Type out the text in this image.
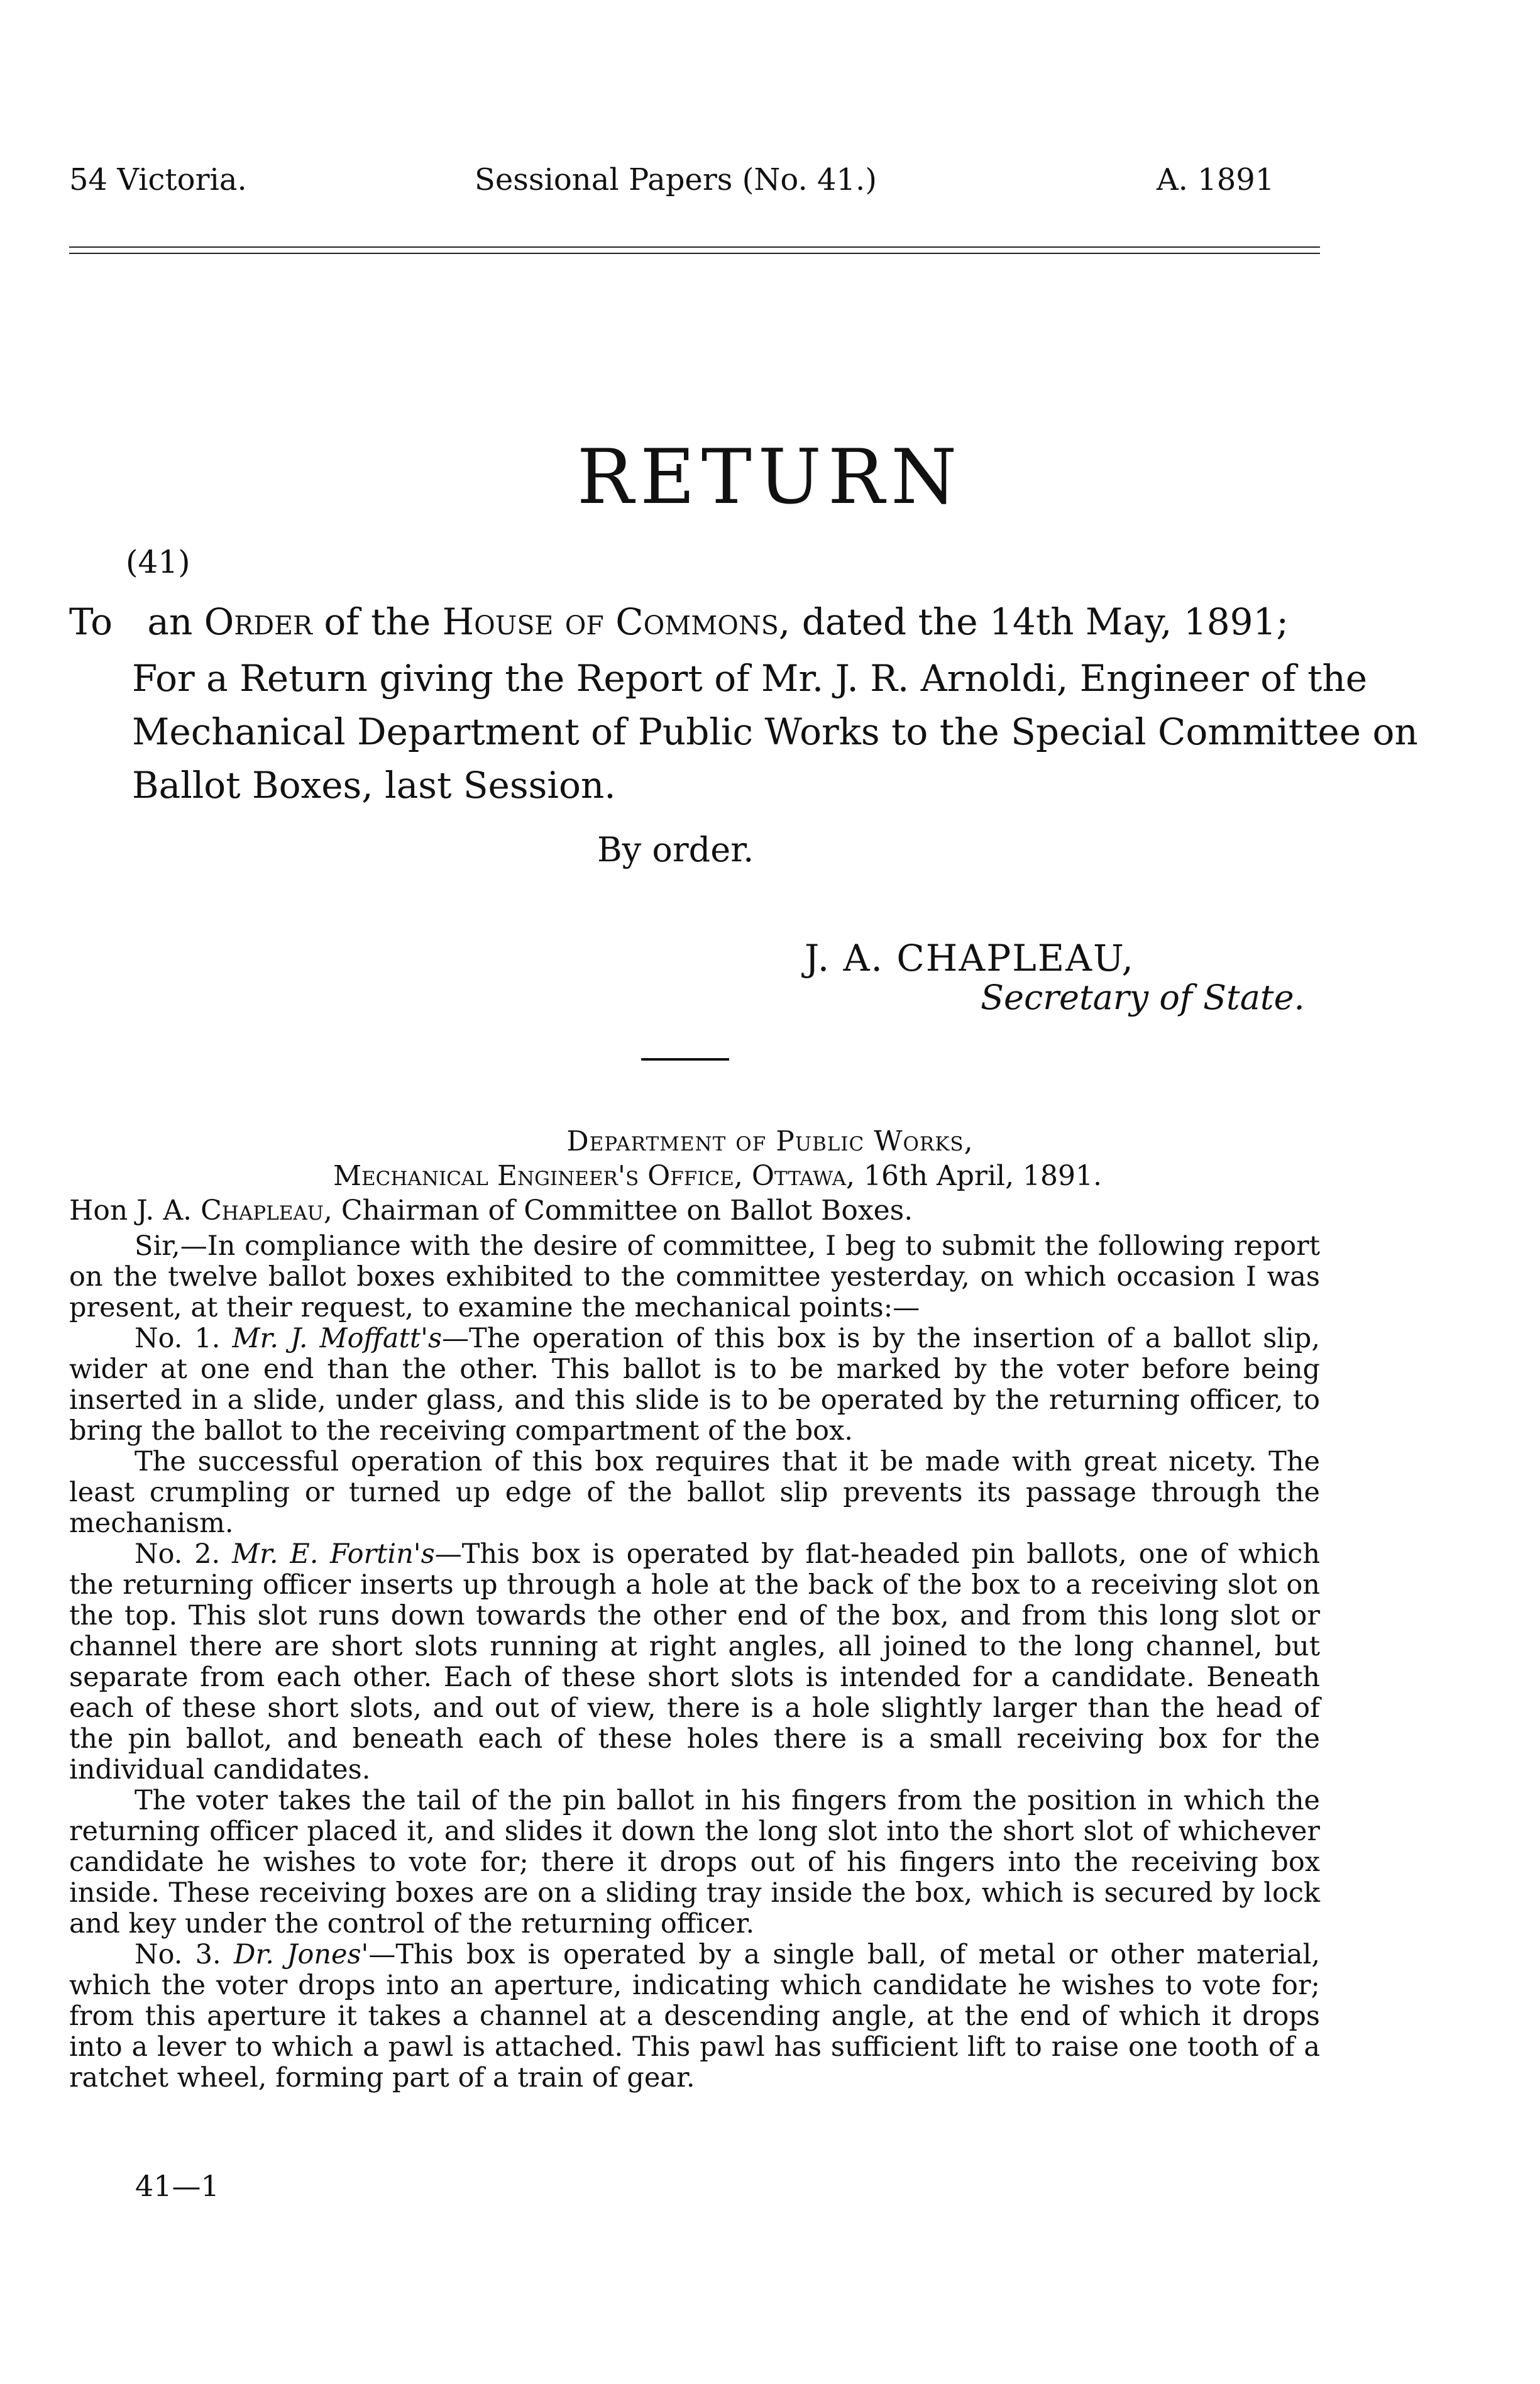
54 Victoria.	Sessional Papers (No. 41.)	A. 1891
RETURN
(41)
To an Order of the House of Commons, dated the 14th May, 1891;
For a Return giving the Report of Mr. J. R. Arnoldi, Engineer of the
Mechanical Department of Public Works to the Special Committee on
Ballot Boxes, last Session.
By order.
J. A. CHAPLEAU,
Secretary of State.
Department of Public Works,
Mechanical Engineer's Office, Ottawa, 16th April, 1891.
Hon J. A. Chapleau, Chairman of Committee on Ballot Boxes.

Sir,—In compliance with the desire of committee, I beg to submit the following report on the twelve ballot boxes exhibited to the committee yesterday, on which occasion I was present, at their request, to examine the mechanical points:—

No. 1. Mr. J. Moffatt's—The operation of this box is by the insertion of a ballot slip, wider at one end than the other. This ballot is to be marked by the voter before being inserted in a slide, under glass, and this slide is to be operated by the returning officer, to bring the ballot to the receiving compartment of the box.

The successful operation of this box requires that it be made with great nicety. The least crumpling or turned up edge of the ballot slip prevents its passage through the mechanism.

No. 2. Mr. E. Fortin's—This box is operated by flat-headed pin ballots, one of which the returning officer inserts up through a hole at the back of the box to a receiving slot on the top. This slot runs down towards the other end of the box, and from this long slot or channel there are short slots running at right angles, all joined to the long channel, but separate from each other. Each of these short slots is intended for a candidate. Beneath each of these short slots, and out of view, there is a hole slightly larger than the head of the pin ballot, and beneath each of these holes there is a small receiving box for the individual candidates.

The voter takes the tail of the pin ballot in his fingers from the position in which the returning officer placed it, and slides it down the long slot into the short slot of whichever candidate he wishes to vote for; there it drops out of his fingers into the receiving box inside. These receiving boxes are on a sliding tray inside the box, which is secured by lock and key under the control of the returning officer.

No. 3. Dr. Jones'—This box is operated by a single ball, of metal or other material, which the voter drops into an aperture, indicating which candidate he wishes to vote for; from this aperture it takes a channel at a descending angle, at the end of which it drops into a lever to which a pawl is attached. This pawl has sufficient lift to raise one tooth of a ratchet wheel, forming part of a train of gear.

41—1
